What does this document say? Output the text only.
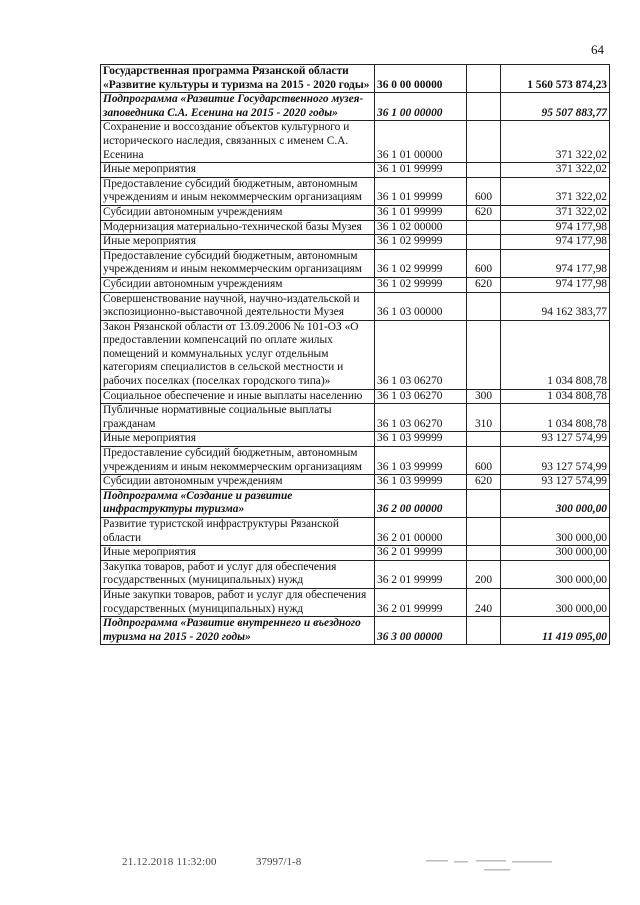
64
Государственная программа Рязанской области «Развитие культуры и туризма на 2015 - 2020 годы»	36 0 00 00000		1 560 573 874,23
Подпрограмма «Развитие Государственного музея-заповедника С.А. Есенина на 2015 - 2020 годы»	36 1 00 00000		95 507 883,77
Сохранение и воссоздание объектов культурного и исторического наследия, связанных с именем С.А. Есенина	36 1 01 00000		371 322,02
Иные мероприятия	36 1 01 99999		371 322,02
Предоставление субсидий бюджетным, автономным учреждениям и иным некоммерческим организациям	36 1 01 99999	600	371 322,02
Субсидии автономным учреждениям	36 1 01 99999	620	371 322,02
Модернизация материально-технической базы Музея	36 1 02 00000		974 177,98
Иные мероприятия	36 1 02 99999		974 177,98
Предоставление субсидий бюджетным, автономным учреждениям и иным некоммерческим организациям	36 1 02 99999	600	974 177,98
Субсидии автономным учреждениям	36 1 02 99999	620	974 177,98
Совершенствование научной, научно-издательской и экспозиционно-выставочной деятельности Музея	36 1 03 00000		94 162 383,77
Закон Рязанской области от 13.09.2006 № 101-ОЗ «О предоставлении компенсаций по оплате жилых помещений и коммунальных услуг отдельным категориям специалистов в сельской местности и рабочих поселках (поселках городского типа)»	36 1 03 06270		1 034 808,78
Социальное обеспечение и иные выплаты населению	36 1 03 06270	300	1 034 808,78
Публичные нормативные социальные выплаты гражданам	36 1 03 06270	310	1 034 808,78
Иные мероприятия	36 1 03 99999		93 127 574,99
Предоставление субсидий бюджетным, автономным учреждениям и иным некоммерческим организациям	36 1 03 99999	600	93 127 574,99
Субсидии автономным учреждениям	36 1 03 99999	620	93 127 574,99
Подпрограмма «Создание и развитие инфраструктуры туризма»	36 2 00 00000		300 000,00
Развитие туристской инфраструктуры Рязанской области	36 2 01 00000		300 000,00
Иные мероприятия	36 2 01 99999		300 000,00
Закупка товаров, работ и услуг для обеспечения государственных (муниципальных) нужд	36 2 01 99999	200	300 000,00
Иные закупки товаров, работ и услуг для обеспечения государственных (муниципальных) нужд	36 2 01 99999	240	300 000,00
Подпрограмма «Развитие внутреннего и въездного туризма на 2015 - 2020 годы»	36 3 00 00000		11 419 095,00
21.12.2018 11:32:00	37997/1-8
